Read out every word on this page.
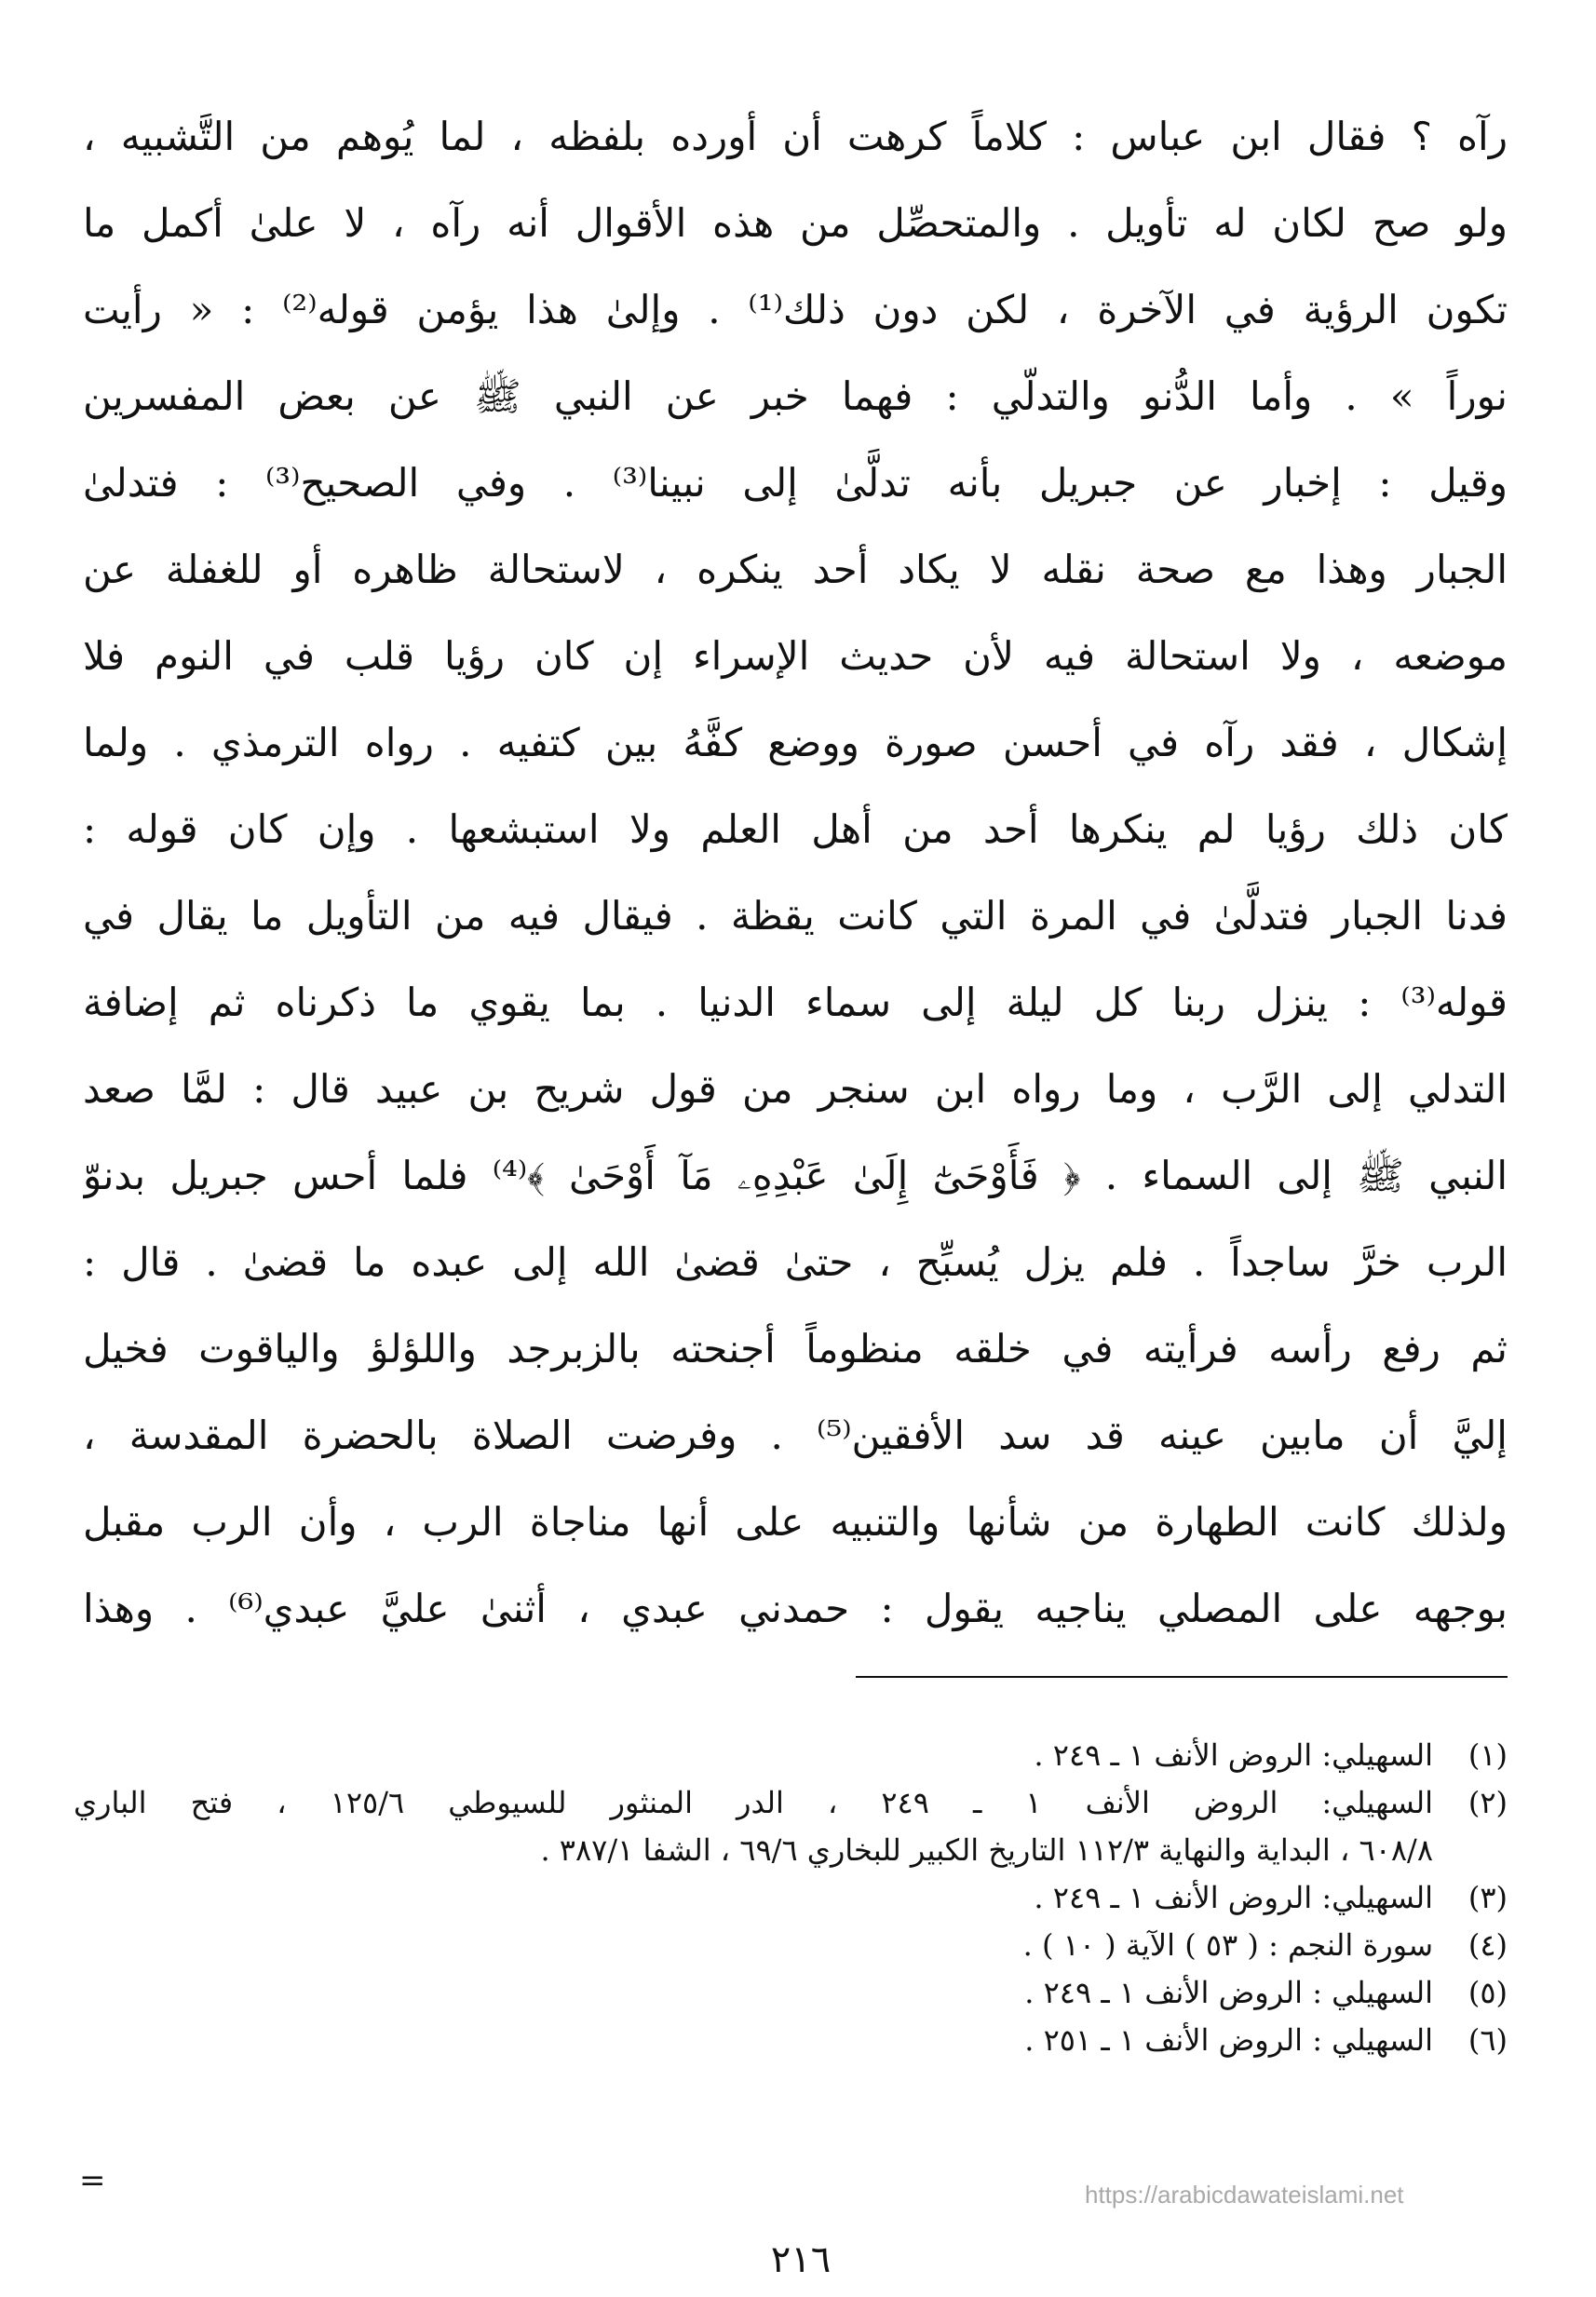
رآه ؟ فقال ابن عباس : كلاماً كرهت أن أورده بلفظه ، لما يُوهم من التَّشبيه ،
ولو صح لكان له تأويل . والمتحصِّل من هذه الأقوال أنه رآه ، لا علىٰ أكمل ما
تكون الرؤية في الآخرة ، لكن دون ذلك⁽¹⁾ . وإلىٰ هذا يؤمن قوله⁽²⁾ : « رأيت
نوراً » . وأما الدُّنو والتدلّي : فهما خبر عن النبي ﷺ عن بعض المفسرين
وقيل : إخبار عن جبريل بأنه تدلَّىٰ إلى نبينا⁽³⁾ . وفي الصحيح⁽³⁾ : فتدلىٰ
الجبار وهذا مع صحة نقله لا يكاد أحد ينكره ، لاستحالة ظاهره أو للغفلة عن
موضعه ، ولا استحالة فيه لأن حديث الإسراء إن كان رؤيا قلب في النوم فلا
إشكال ، فقد رآه في أحسن صورة ووضع كفَّهُ بين كتفيه . رواه الترمذي . ولما
كان ذلك رؤيا لم ينكرها أحد من أهل العلم ولا استبشعها . وإن كان قوله :
فدنا الجبار فتدلَّىٰ في المرة التي كانت يقظة . فيقال فيه من التأويل ما يقال في
قوله⁽³⁾ : ينزل ربنا كل ليلة إلى سماء الدنيا . بما يقوي ما ذكرناه ثم إضافة
التدلي إلى الرَّب ، وما رواه ابن سنجر من قول شريح بن عبيد قال : لمَّا صعد
النبي ﷺ إلى السماء . ﴿ فَأَوْحَىٰٓ إِلَىٰ عَبْدِهِۦ مَآ أَوْحَىٰ ﴾⁽⁴⁾ فلما أحس جبريل بدنوّ
الرب خرَّ ساجداً . فلم يزل يُسبِّح ، حتىٰ قضىٰ الله إلى عبده ما قضىٰ . قال :
ثم رفع رأسه فرأيته في خلقه منظوماً أجنحته بالزبرجد واللؤلؤ والياقوت فخيل
إليَّ أن مابين عينه قد سد الأفقين⁽⁵⁾ . وفرضت الصلاة بالحضرة المقدسة ،
ولذلك كانت الطهارة من شأنها والتنبيه على أنها مناجاة الرب ، وأن الرب مقبل
بوجهه على المصلي يناجيه يقول : حمدني عبدي ، أثنىٰ عليَّ عبدي⁽⁶⁾ . وهذا
(١)
السهيلي: الروض الأنف ١ ـ ٢٤٩ .
(٢)
السهيلي: الروض الأنف ١ ـ ٢٤٩ ، الدر المنثور للسيوطي ١٢٥/٦ ، فتح الباري
٦٠٨/٨ ، البداية والنهاية ١١٢/٣ التاريخ الكبير للبخاري ٦٩/٦ ، الشفا ٣٨٧/١ .
(٣)
السهيلي: الروض الأنف ١ ـ ٢٤٩ .
(٤)
سورة النجم : ( ٥٣ ) الآية ( ١٠ ) .
(٥)
السهيلي : الروض الأنف ١ ـ ٢٤٩ .
(٦)
السهيلي : الروض الأنف ١ ـ ٢٥١ .
=	https://arabicdawateislami.net
٢١٦
